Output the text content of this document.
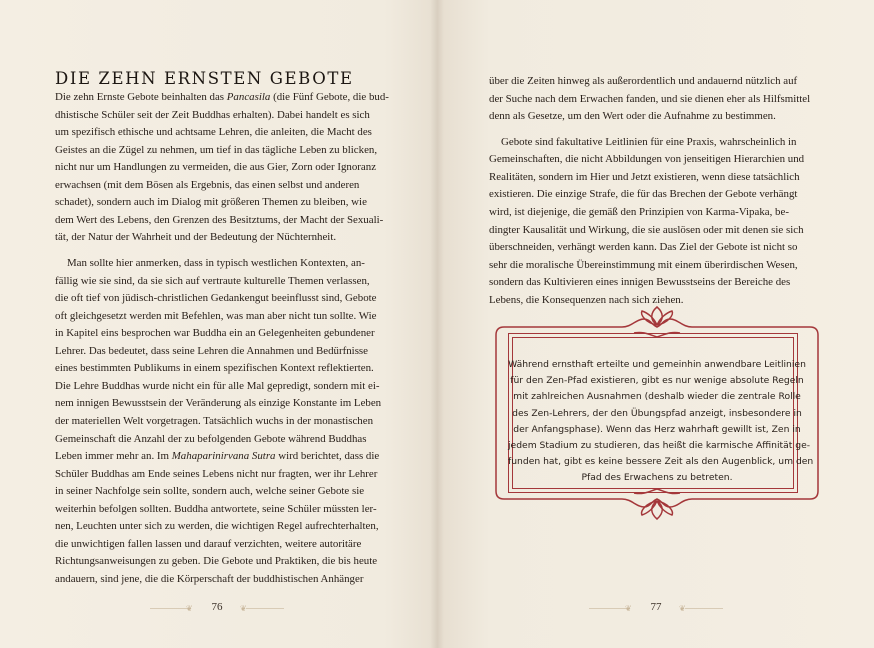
DIE ZEHN ERNSTEN GEBOTE
Die zehn Ernste Gebote beinhalten das Pancasila (die Fünf Gebote, die bud-
dhistische Schüler seit der Zeit Buddhas erhalten). Dabei handelt es sich
um spezifisch ethische und achtsame Lehren, die anleiten, die Macht des
Geistes an die Zügel zu nehmen, um tief in das tägliche Leben zu blicken,
nicht nur um Handlungen zu vermeiden, die aus Gier, Zorn oder Ignoranz
erwachsen (mit dem Bösen als Ergebnis, das einen selbst und anderen
schadet), sondern auch im Dialog mit größeren Themen zu bleiben, wie
dem Wert des Lebens, den Grenzen des Besitztums, der Macht der Sexuali-
tät, der Natur der Wahrheit und der Bedeutung der Nüchternheit.
Man sollte hier anmerken, dass in typisch westlichen Kontexten, an-
fällig wie sie sind, da sie sich auf vertraute kulturelle Themen verlassen,
die oft tief von jüdisch-christlichen Gedankengut beeinflusst sind, Gebote
oft gleichgesetzt werden mit Befehlen, was man aber nicht tun sollte. Wie
in Kapitel eins besprochen war Buddha ein an Gelegenheiten gebundener
Lehrer. Das bedeutet, dass seine Lehren die Annahmen und Bedürfnisse
eines bestimmten Publikums in einem spezifischen Kontext reflektierten.
Die Lehre Buddhas wurde nicht ein für alle Mal gepredigt, sondern mit ei-
nem innigen Bewusstsein der Veränderung als einzige Konstante im Leben
der materiellen Welt vorgetragen. Tatsächlich wuchs in der monastischen
Gemeinschaft die Anzahl der zu befolgenden Gebote während Buddhas
Leben immer mehr an. Im Mahaparinirvana Sutra wird berichtet, dass die
Schüler Buddhas am Ende seines Lebens nicht nur fragten, wer ihr Lehrer
in seiner Nachfolge sein sollte, sondern auch, welche seiner Gebote sie
weiterhin befolgen sollten. Buddha antwortete, seine Schüler müssten ler-
nen, Leuchten unter sich zu werden, die wichtigen Regel aufrechterhalten,
die unwichtigen fallen lassen und darauf verzichten, weitere autoritäre
Richtungsanweisungen zu geben. Die Gebote und Praktiken, die bis heute
andauern, sind jene, die die Körperschaft der buddhistischen Anhänger
❦	❦
76
über die Zeiten hinweg als außerordentlich und andauernd nützlich auf
der Suche nach dem Erwachen fanden, und sie dienen eher als Hilfsmittel
denn als Gesetze, um den Wert oder die Aufnahme zu bestimmen.
Gebote sind fakultative Leitlinien für eine Praxis, wahrscheinlich in
Gemeinschaften, die nicht Abbildungen von jenseitigen Hierarchien und
Realitäten, sondern im Hier und Jetzt existieren, wenn diese tatsächlich
existieren. Die einzige Strafe, die für das Brechen der Gebote verhängt
wird, ist diejenige, die gemäß den Prinzipien von Karma-Vipaka, be-
dingter Kausalität und Wirkung, die sie auslösen oder mit denen sie sich
überschneiden, verhängt werden kann. Das Ziel der Gebote ist nicht so
sehr die moralische Übereinstimmung mit einem überirdischen Wesen,
sondern das Kultivieren eines innigen Bewusstseins der Bereiche des
Lebens, die Konsequenzen nach sich ziehen.
Während ernsthaft erteilte und gemeinhin anwendbare Leitlinien
für den Zen-Pfad existieren, gibt es nur wenige absolute Regeln
mit zahlreichen Ausnahmen (deshalb wieder die zentrale Rolle
des Zen-Lehrers, der den Übungspfad anzeigt, insbesondere in
der Anfangsphase). Wenn das Herz wahrhaft gewillt ist, Zen in
jedem Stadium zu studieren, das heißt die karmische Affinität ge-
funden hat, gibt es keine bessere Zeit als den Augenblick, um den
Pfad des Erwachens zu betreten.
❦	❦
77
